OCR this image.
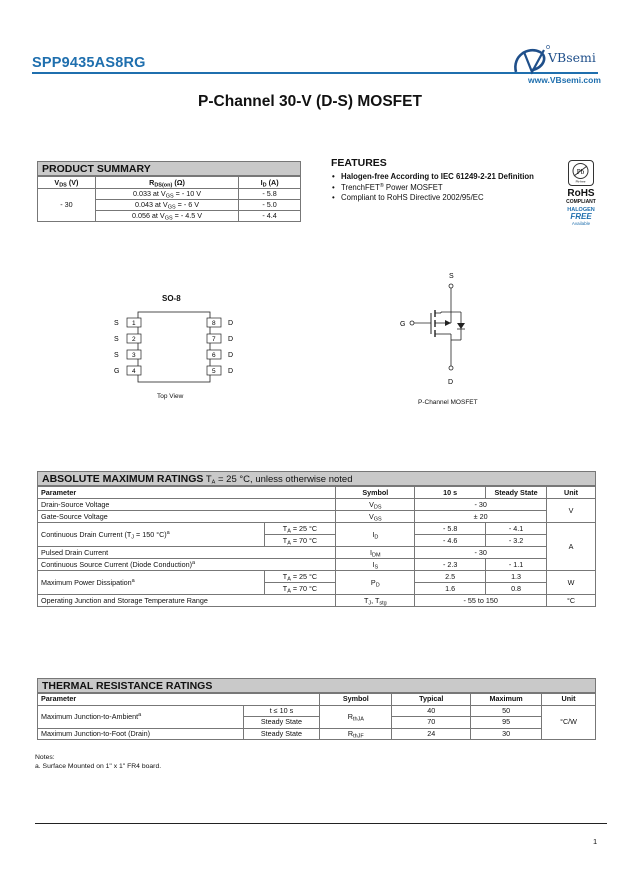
SPP9435AS8RG	VBsemi
www.VBsemi.com
P-Channel 30-V (D-S) MOSFET
PRODUCT SUMMARY
$V_{DS}$ (V)	$R_{DS(on)}$ (Ω)	$I_D$ (A)
- 30	0.033 at $V_{GS}$ = - 10 V	- 5.8
	0.043 at $V_{GS}$ = - 6 V	- 5.0
	0.056 at $V_{GS}$ = - 4.5 V	- 4.4
FEATURES
• Halogen-free According to IEC 61249-2-21 Definition
• TrenchFET® Power MOSFET
• Compliant to RoHS Directive 2002/95/EC
Pb
Pb-free
RoHS
COMPLIANT
HALOGEN
FREE
Available
SO-8
S
S
S
G
1
2
3
4
8
7
6
5
D
D
D
D
Top View
S
G
D
P-Channel MOSFET
ABSOLUTE MAXIMUM RATINGS $T_A = 25$ °C, unless otherwise noted
Parameter		Symbol	10 s	Steady State	Unit
Drain-Source Voltage		$V_{DS}$	- 30		V
Gate-Source Voltage		$V_{GS}$	± 20		
Continuous Drain Current ($T_J = 150$ °C)$^a$	$T_A = 25$ °C	$I_D$	- 5.8	- 4.1	A
	$T_A = 70$ °C		- 4.6	- 3.2	
Pulsed Drain Current		$I_{DM}$	- 30		
Continuous Source Current (Diode Conduction)$^a$		$I_S$	- 2.3	- 1.1	
Maximum Power Dissipation$^a$	$T_A = 25$ °C	$P_D$	2.5	1.3	W
	$T_A = 70$ °C		1.6	0.8	
Operating Junction and Storage Temperature Range		$T_J$, $T_{stg}$	- 55 to 150		°C
THERMAL RESISTANCE RATINGS
Parameter		Symbol	Typical	Maximum	Unit
Maximum Junction-to-Ambient$^a$	t ≤ 10 s	$R_{thJA}$	40	50	°C/W
	Steady State		70	95	
Maximum Junction-to-Foot (Drain)	Steady State	$R_{thJF}$	24	30	
Notes:
a. Surface Mounted on 1" x 1" FR4 board.
1
